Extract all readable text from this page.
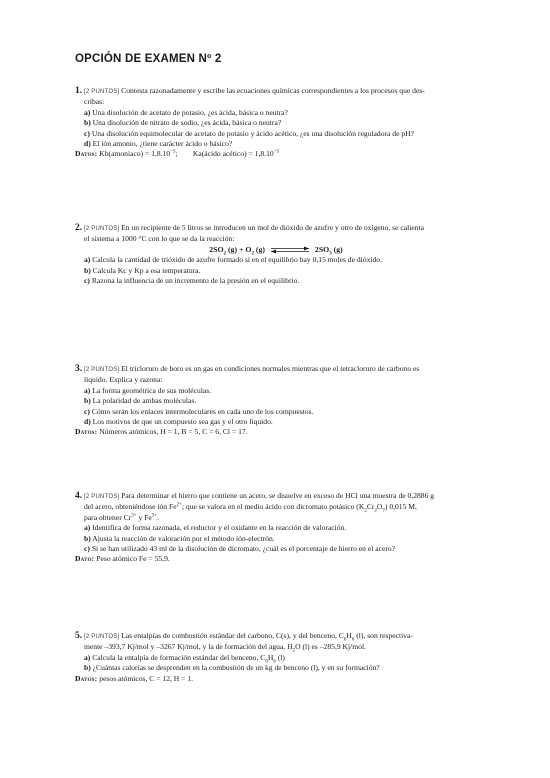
OPCIÓN DE EXAMEN Nº 2

1. [2 PUNTOS] Contesta razonadamente y escribe las ecuaciones químicas correspondientes a los procesos que des-

cribas:

a) Una disolución de acetato de potasio, ¿es ácida, básica o neutra?

b) Una disolución de nitrato de sodio, ¿es ácida, básica o neutra?

c) Una disolución equimolecular de acetato de potasio y ácido acético, ¿es una disolución reguladora de pH?

d) El ión amonio, ¿tiene carácter ácido o básico?

Datos: Kb(amoniaco) = $1,8.10^{-5}$; Ka(ácido acético) = $1,8.10^{-5}$

2. [2 PUNTOS] En un recipiente de 5 litros se introducen un mol de dióxido de azufre y otro de oxígeno, se calienta

el sistema a 1000 °C con lo que se da la reacción:

$2SO_2$ $(g) + O_2$ (g)	$2SO_3$ (g)

a) Calcula la cantidad de trióxido de azufre formado si en el equilibrio hay 0,15 moles de dióxido.

b) Calcula Kc y Kp a esa temperatura.

c) Razona la influencia de un incremento de la presión en el equilibrio.

3. [2 PUNTOS] El tricloruro de boro es un gas en condiciones normales mientras que el tetracloruro de carbono es

líquido. Explica y razona:

a) La forma geométrica de sus moléculas.

b) La polaridad de ambas moléculas.

c) Cómo serán los enlaces intermoleculares en cada uno de los compuestos.

d) Los motivos de que un compuesto sea gas y el otro líquido.

Datos: Números atómicos, H = 1, B = 5, C = 6, Cl = 17.

4. [2 PUNTOS] Para determinar el hierro que contiene un acero, se disuelve en exceso de HCl una muestra de 0,2886 g

del acero, obteniéndose ión $Fe^{2+}$; que se valora en el medio ácido con dicromato potásico $(K_2Cr_2O_7)$ 0,015 M,

para obtener $Cr^{3+}$ y $Fe^{3+}$.

a) Identifica de forma razonada, el reductor y el oxidante en la reacción de valoración.

b) Ajusta la reacción de valoración por el método ión-electrón.

c) Si se han utilizado 43 ml de la disolución de dicromato, ¿cuál es el porcentaje de hierro en el acero?

Dato: Peso atómico Fe = 55,9.

5. [2 PUNTOS] Las entalpías de combustión estándar del carbono, C(s), y del benceno, $C_6H_6$ (l), son respectiva-

mente –393,7 Kj/mol y –3267 Kj/mol, y la de formación del agua, $H_2O$ (l) es –285,9 Kj/mol.

a) Calcula la entalpía de formación estándar del benceno, $C_6H_6$ (l)

b) ¿Cuántas calorías se desprenden en la combustión de un kg de benceno (l), y en su formación?

Datos: pesos atómicos, C = 12, H = 1.
